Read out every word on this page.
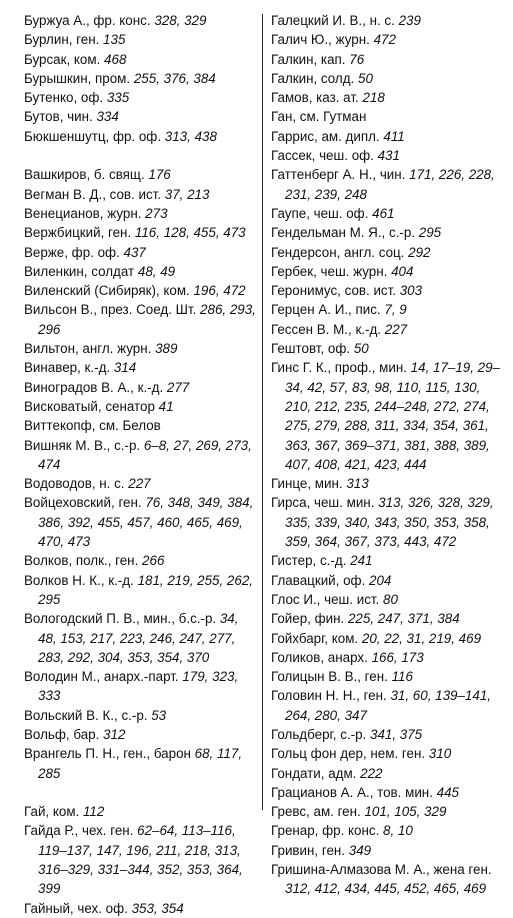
Буржуа А., фр. конс. 328, 329
Бурлин, ген. 135
Бурсак, ком. 468
Бурышкин, пром. 255, 376, 384
Бутенко, оф. 335
Бутов, чин. 334
Бюкшеншутц, фр. оф. 313, 438
Вашкиров, б. свящ. 176
Вегман В. Д., сов. ист. 37, 213
Венецианов, журн. 273
Вержбицкий, ген. 116, 128, 455, 473
Верже, фр. оф. 437
Виленкин, солдат 48, 49
Виленский (Сибиряк), ком. 196, 472
Вильсон В., през. Соед. Шт. 286, 293, 296
Вильтон, англ. журн. 389
Винавер, к.-д. 314
Виноградов В. А., к.-д. 277
Висковатый, сенатор 41
Виттекопф, см. Белов
Вишняк М. В., с.-р. 6–8, 27, 269, 273, 474
Водоводов, н. с. 227
Войцеховский, ген. 76, 348, 349, 384, 386, 392, 455, 457, 460, 465, 469, 470, 473
Волков, полк., ген. 266
Волков Н. К., к.-д. 181, 219, 255, 262, 295
Вологодский П. В., мин., б.с.-р. 34, 48, 153, 217, 223, 246, 247, 277, 283, 292, 304, 353, 354, 370
Володин М., анарх.-парт. 179, 323, 333
Вольский В. К., с.-р. 53
Вольф, бар. 312
Врангель П. Н., ген., барон 68, 117, 285
Гай, ком. 112
Гайда Р., чех. ген. 62–64, 113–116, 119–137, 147, 196, 211, 218, 313, 316–329, 331–344, 352, 353, 364, 399
Гайный, чех. оф. 353, 354
Галецкий И. В., н. с. 239
Галич Ю., журн. 472
Галкин, кап. 76
Галкин, солд. 50
Гамов, каз. ат. 218
Ган, см. Гутман
Гаррис, ам. дипл. 411
Гассек, чеш. оф. 431
Гаттенберг А. Н., чин. 171, 226, 228, 231, 239, 248
Гаупе, чеш. оф. 461
Гендельман М. Я., с.-р. 295
Гендерсон, англ. соц. 292
Гербек, чеш. журн. 404
Геронимус, сов. ист. 303
Герцен А. И., пис. 7, 9
Гессен В. М., к.-д. 227
Гештовт, оф. 50
Гинс Г. К., проф., мин. 14, 17–19, 29–34, 42, 57, 83, 98, 110, 115, 130, 210, 212, 235, 244–248, 272, 274, 275, 279, 288, 311, 334, 354, 361, 363, 367, 369–371, 381, 388, 389, 407, 408, 421, 423, 444
Гинце, мин. 313
Гирса, чеш. мин. 313, 326, 328, 329, 335, 339, 340, 343, 350, 353, 358, 359, 364, 367, 373, 443, 472
Гистер, с.-д. 241
Главацкий, оф. 204
Глос И., чеш. ист. 80
Гойер, фин. 225, 247, 371, 384
Гойхбарг, ком. 20, 22, 31, 219, 469
Голиков, анарх. 166, 173
Голицын В. В., ген. 116
Головин Н. Н., ген. 31, 60, 139–141, 264, 280, 347
Гольдберг, с.-р. 341, 375
Гольц фон дер, нем. ген. 310
Гондати, адм. 222
Грацианов А. А., тов. мин. 445
Гревс, ам. ген. 101, 105, 329
Гренар, фр. конс. 8, 10
Гривин, ген. 349
Гришина-Алмазова М. А., жена ген. 312, 412, 434, 445, 452, 465, 469
